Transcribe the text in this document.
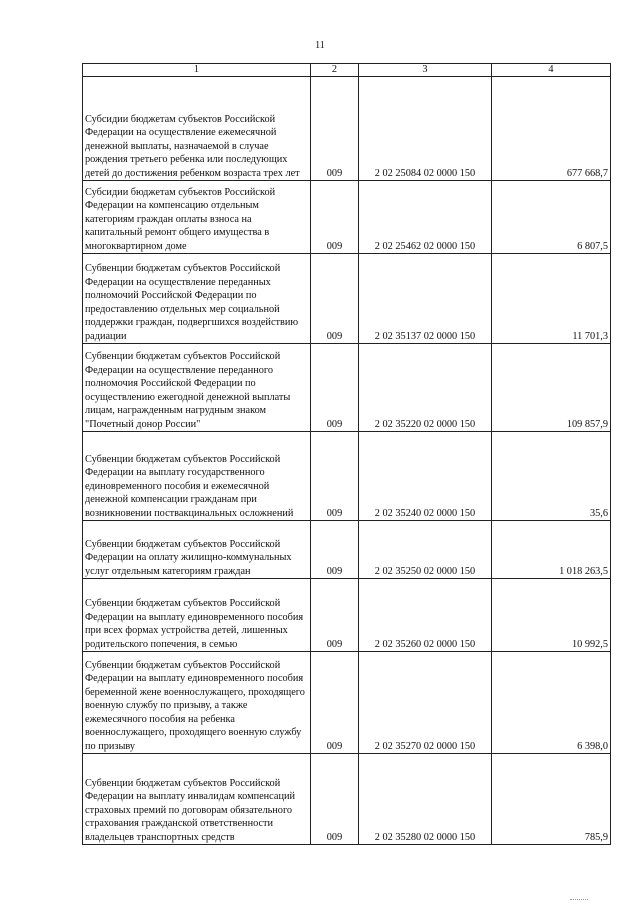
11
1	2	3	4
Субсидии бюджетам субъектов Российской Федерации на осуществление ежемесячной денежной выплаты, назначаемой в случае рождения третьего ребенка или последующих детей до достижения ребенком возраста трех лет	009	2 02 25084 02 0000 150	677 668,7
Субсидии бюджетам субъектов Российской Федерации на компенсацию отдельным категориям граждан оплаты взноса на капитальный ремонт общего имущества в многоквартирном доме	009	2 02 25462 02 0000 150	6 807,5
Субвенции бюджетам субъектов Российской Федерации на осуществление переданных полномочий Российской Федерации по предоставлению отдельных мер социальной поддержки граждан, подвергшихся воздействию радиации	009	2 02 35137 02 0000 150	11 701,3
Субвенции бюджетам субъектов Российской Федерации на осуществление переданного полномочия Российской Федерации по осуществлению ежегодной денежной выплаты лицам, награжденным нагрудным знаком "Почетный донор России"	009	2 02 35220 02 0000 150	109 857,9
Субвенции бюджетам субъектов Российской Федерации на выплату государственного единовременного пособия и ежемесячной денежной компенсации гражданам при возникновении поствакцинальных осложнений	009	2 02 35240 02 0000 150	35,6
Субвенции бюджетам субъектов Российской Федерации на оплату жилищно-коммунальных услуг отдельным категориям граждан	009	2 02 35250 02 0000 150	1 018 263,5
Субвенции бюджетам субъектов Российской Федерации на выплату единовременного пособия при всех формах устройства детей, лишенных родительского попечения, в семью	009	2 02 35260 02 0000 150	10 992,5
Субвенции бюджетам субъектов Российской Федерации на выплату единовременного пособия беременной жене военнослужащего, проходящего военную службу по призыву, а также ежемесячного пособия на ребенка военнослужащего, проходящего военную службу по призыву	009	2 02 35270 02 0000 150	6 398,0
Субвенции бюджетам субъектов Российской Федерации на выплату инвалидам компенсаций страховых премий по договорам обязательного страхования гражданской ответственности владельцев транспортных средств	009	2 02 35280 02 0000 150	785,9
